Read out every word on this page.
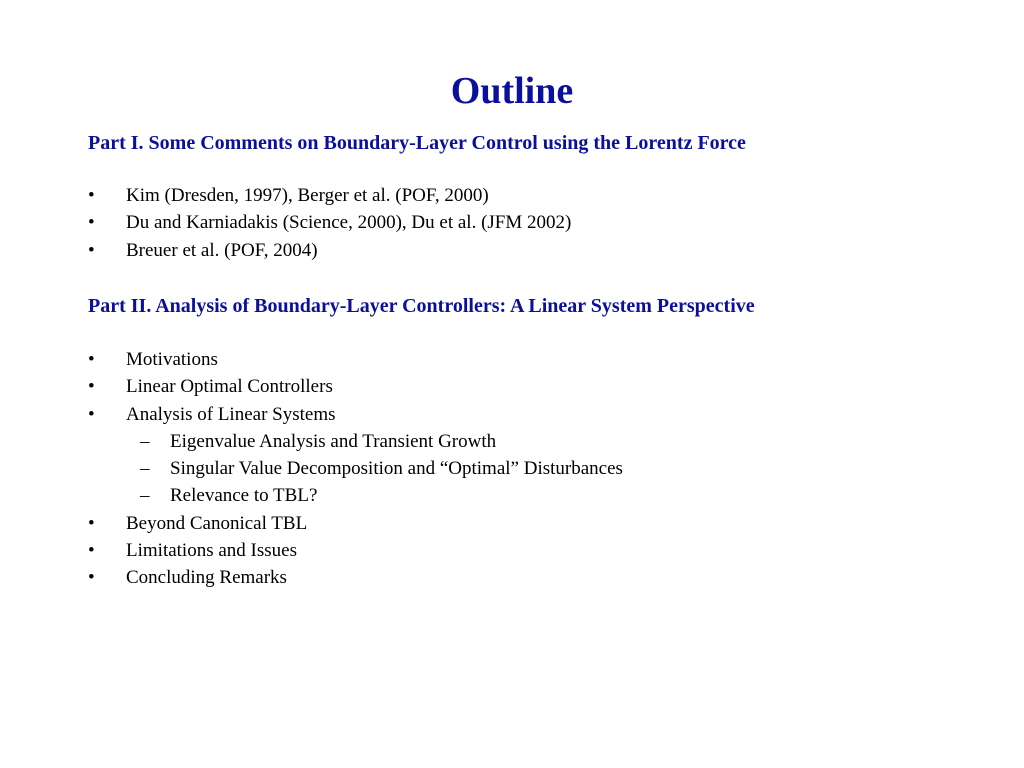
Outline
Part I. Some Comments on Boundary-Layer Control using the Lorentz Force
•	Kim (Dresden, 1997), Berger et al. (POF, 2000)
•	Du and Karniadakis (Science, 2000), Du et al. (JFM 2002)
•	Breuer et al. (POF, 2004)
Part II. Analysis of Boundary-Layer Controllers: A Linear System Perspective
•	Motivations
•	Linear Optimal Controllers
•	Analysis of Linear Systems
–	Eigenvalue Analysis and Transient Growth
–	Singular Value Decomposition and “Optimal” Disturbances
–	Relevance to TBL?
•	Beyond Canonical TBL
•	Limitations and Issues
•	Concluding Remarks
